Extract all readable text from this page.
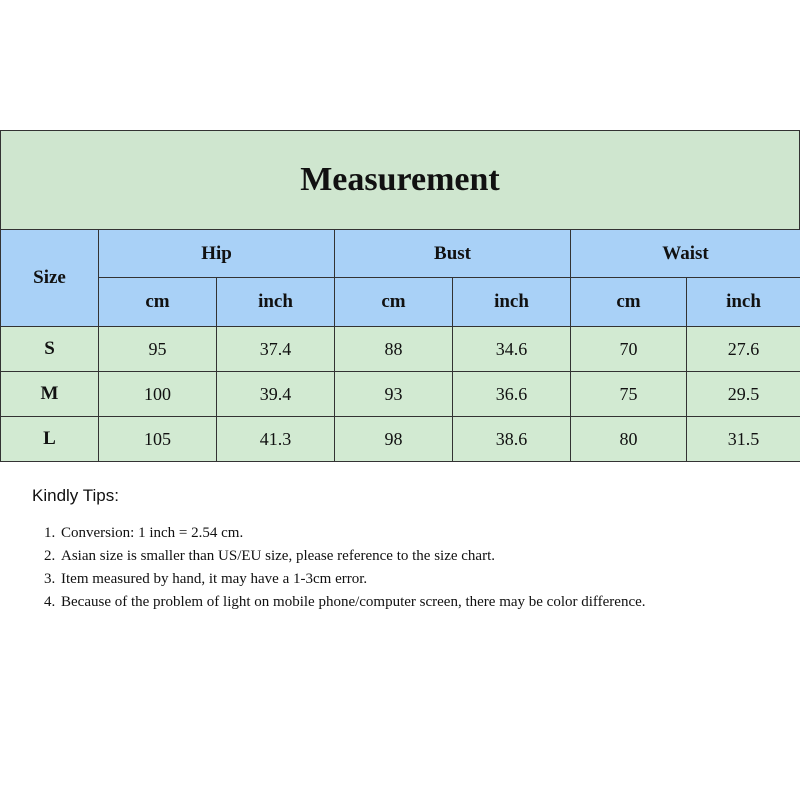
Measurement
Size	Hip		Bust		Waist	
	cm	inch	cm	inch	cm	inch
S	95	37.4	88	34.6	70	27.6
M	100	39.4	93	36.6	75	29.5
L	105	41.3	98	38.6	80	31.5
Kindly Tips:
1. Conversion: 1 inch = 2.54 cm.
2. Asian size is smaller than US/EU size, please reference to the size chart.
3. Item measured by hand, it may have a 1-3cm error.
4. Because of the problem of light on mobile phone/computer screen, there may be color difference.
